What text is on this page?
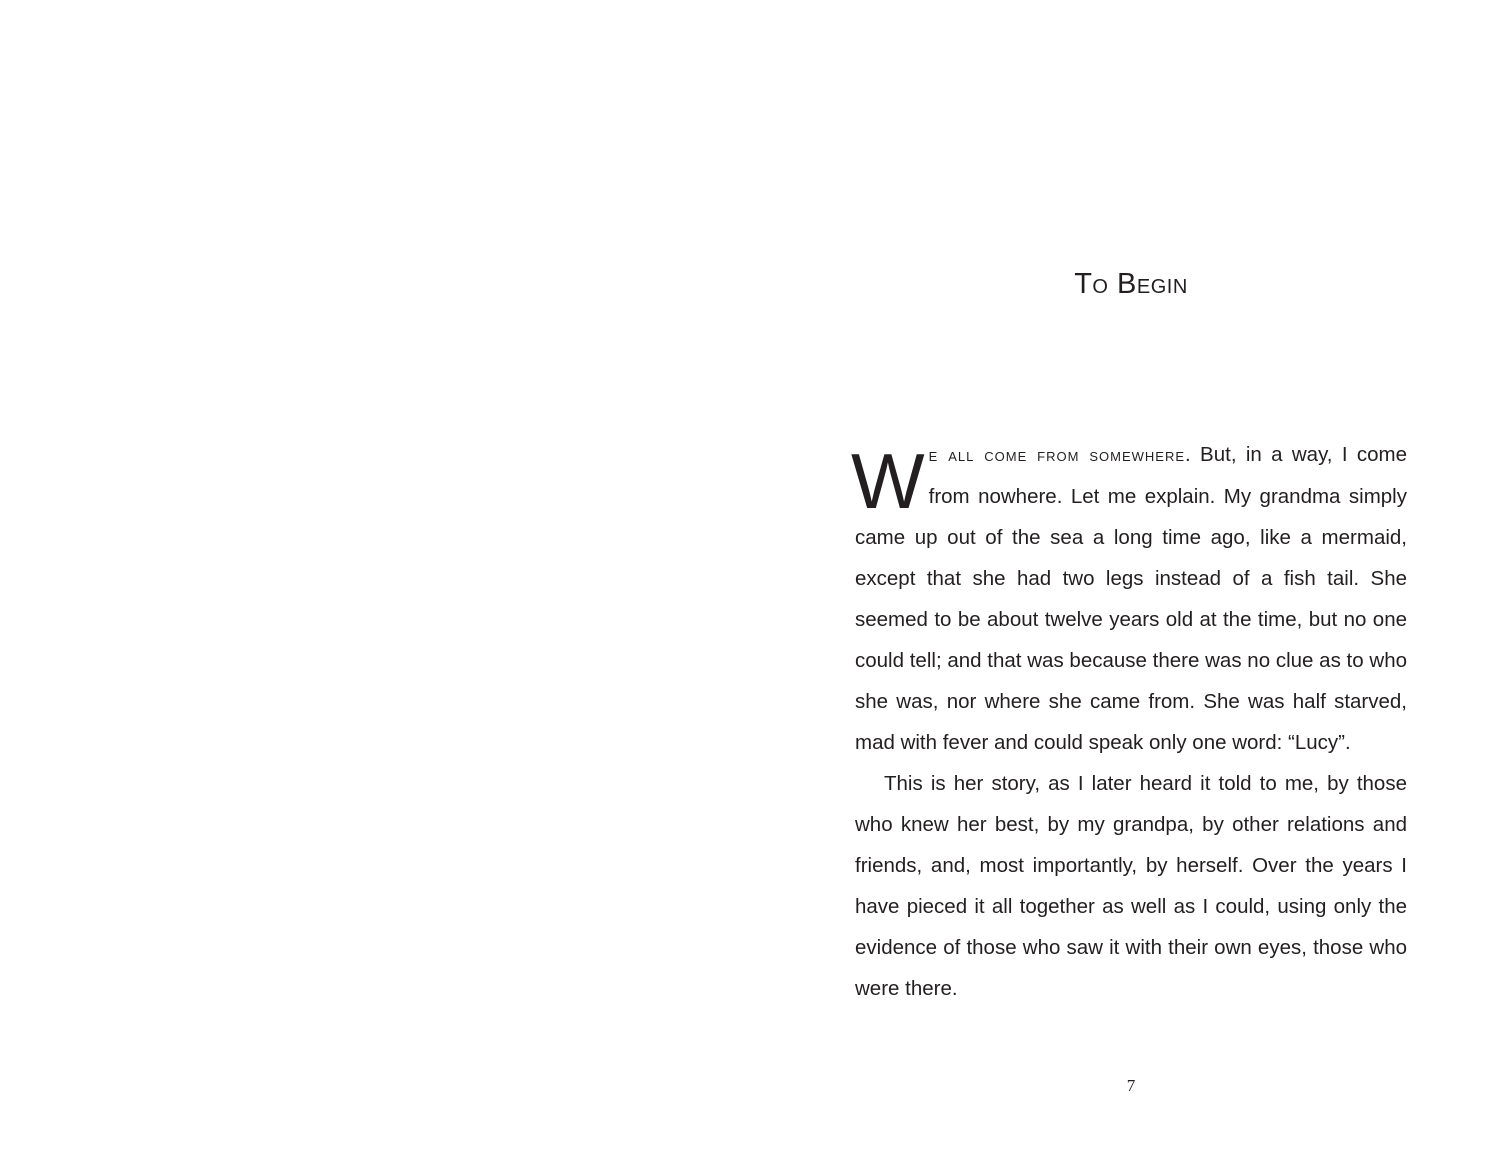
To Begin

We all come from somewhere. But, in a way, I come from nowhere. Let me explain. My grandma simply came up out of the sea a long time ago, like a mermaid, except that she had two legs instead of a fish tail. She seemed to be about twelve years old at the time, but no one could tell; and that was because there was no clue as to who she was, nor where she came from. She was half starved, mad with fever and could speak only one word: “Lucy”.

This is her story, as I later heard it told to me, by those who knew her best, by my grandpa, by other relations and friends, and, most importantly, by herself. Over the years I have pieced it all together as well as I could, using only the evidence of those who saw it with their own eyes, those who were there.

7
